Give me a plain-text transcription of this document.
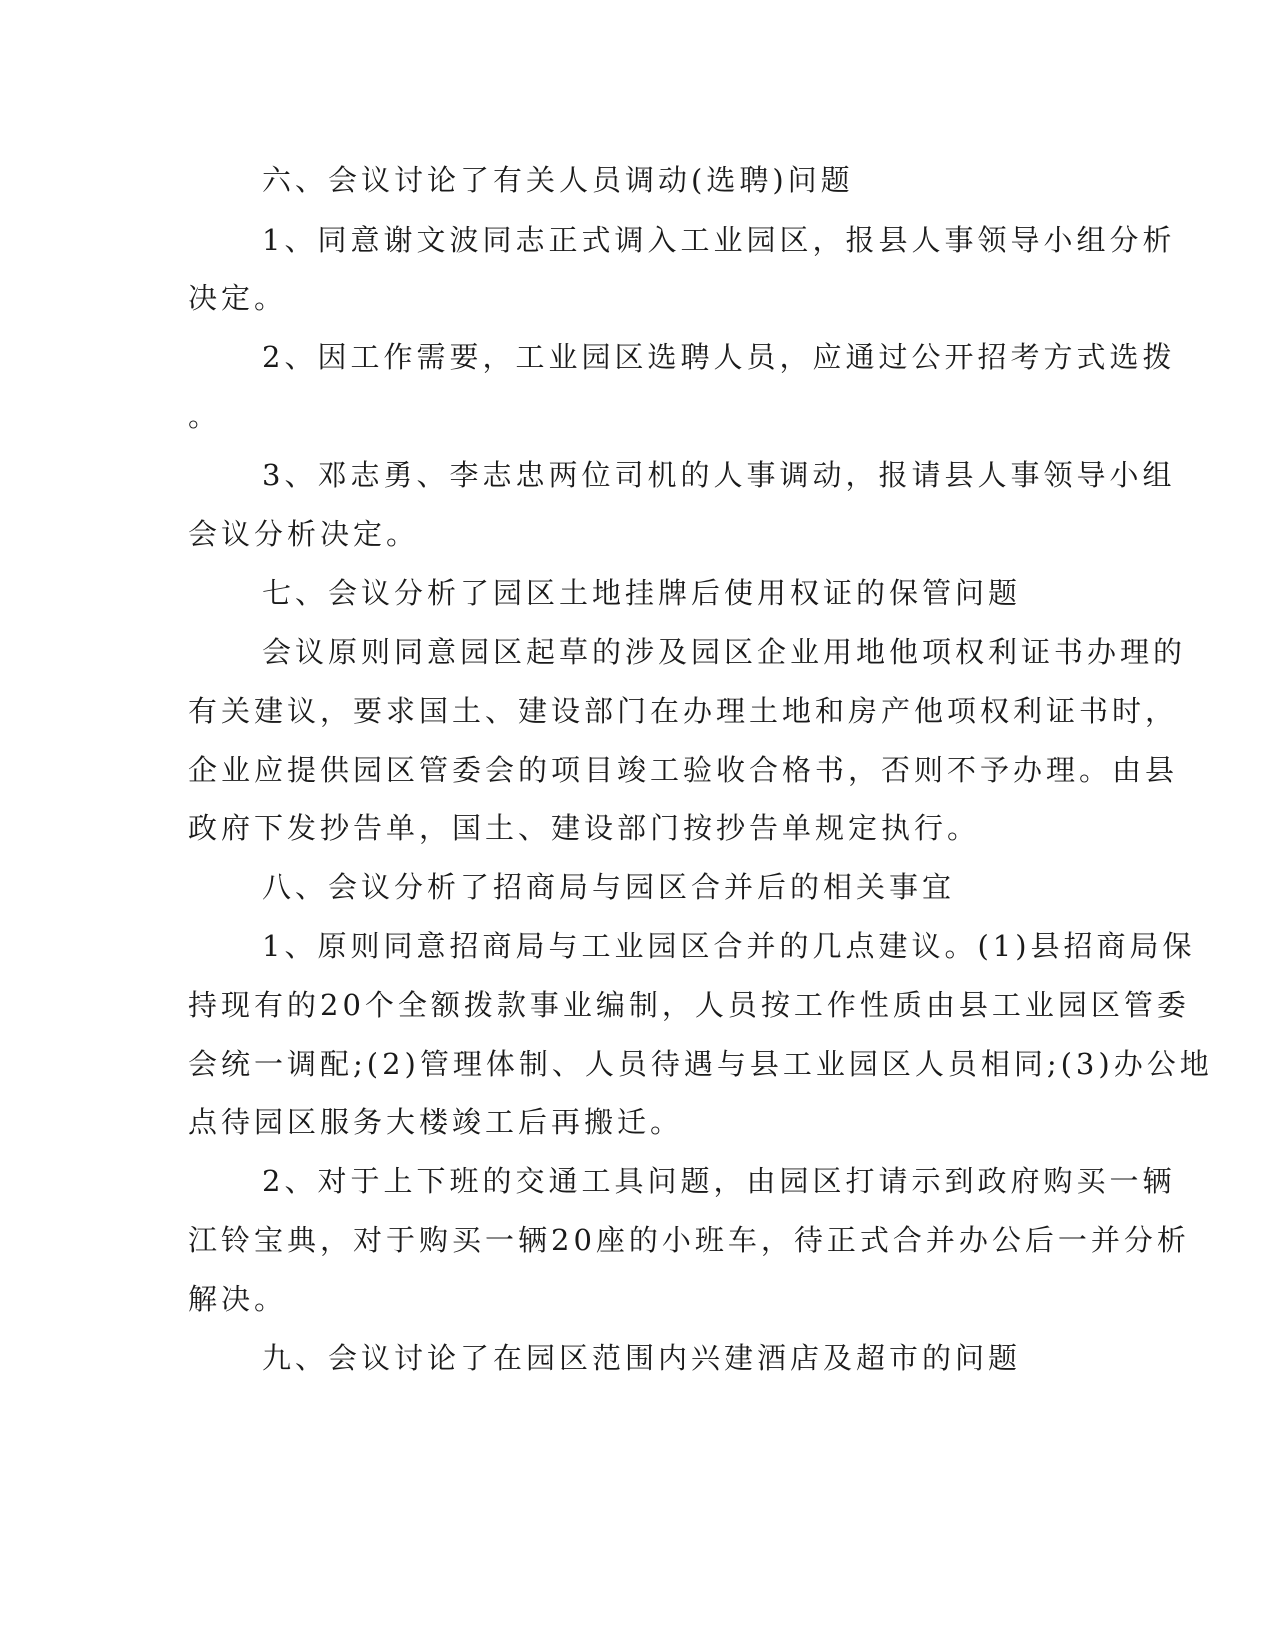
六、会议讨论了有关人员调动(选聘)问题
1、同意谢文波同志正式调入工业园区，报县人事领导小组分析
决定。
2、因工作需要，工业园区选聘人员，应通过公开招考方式选拨
。
3、邓志勇、李志忠两位司机的人事调动，报请县人事领导小组
会议分析决定。
七、会议分析了园区土地挂牌后使用权证的保管问题
会议原则同意园区起草的涉及园区企业用地他项权利证书办理的
有关建议，要求国土、建设部门在办理土地和房产他项权利证书时，
企业应提供园区管委会的项目竣工验收合格书，否则不予办理。由县
政府下发抄告单，国土、建设部门按抄告单规定执行。
八、会议分析了招商局与园区合并后的相关事宜
1、原则同意招商局与工业园区合并的几点建议。(1)县招商局保
持现有的20个全额拨款事业编制，人员按工作性质由县工业园区管委
会统一调配;(2)管理体制、人员待遇与县工业园区人员相同;(3)办公地
点待园区服务大楼竣工后再搬迁。
2、对于上下班的交通工具问题，由园区打请示到政府购买一辆
江铃宝典，对于购买一辆20座的小班车，待正式合并办公后一并分析
解决。
九、会议讨论了在园区范围内兴建酒店及超市的问题
